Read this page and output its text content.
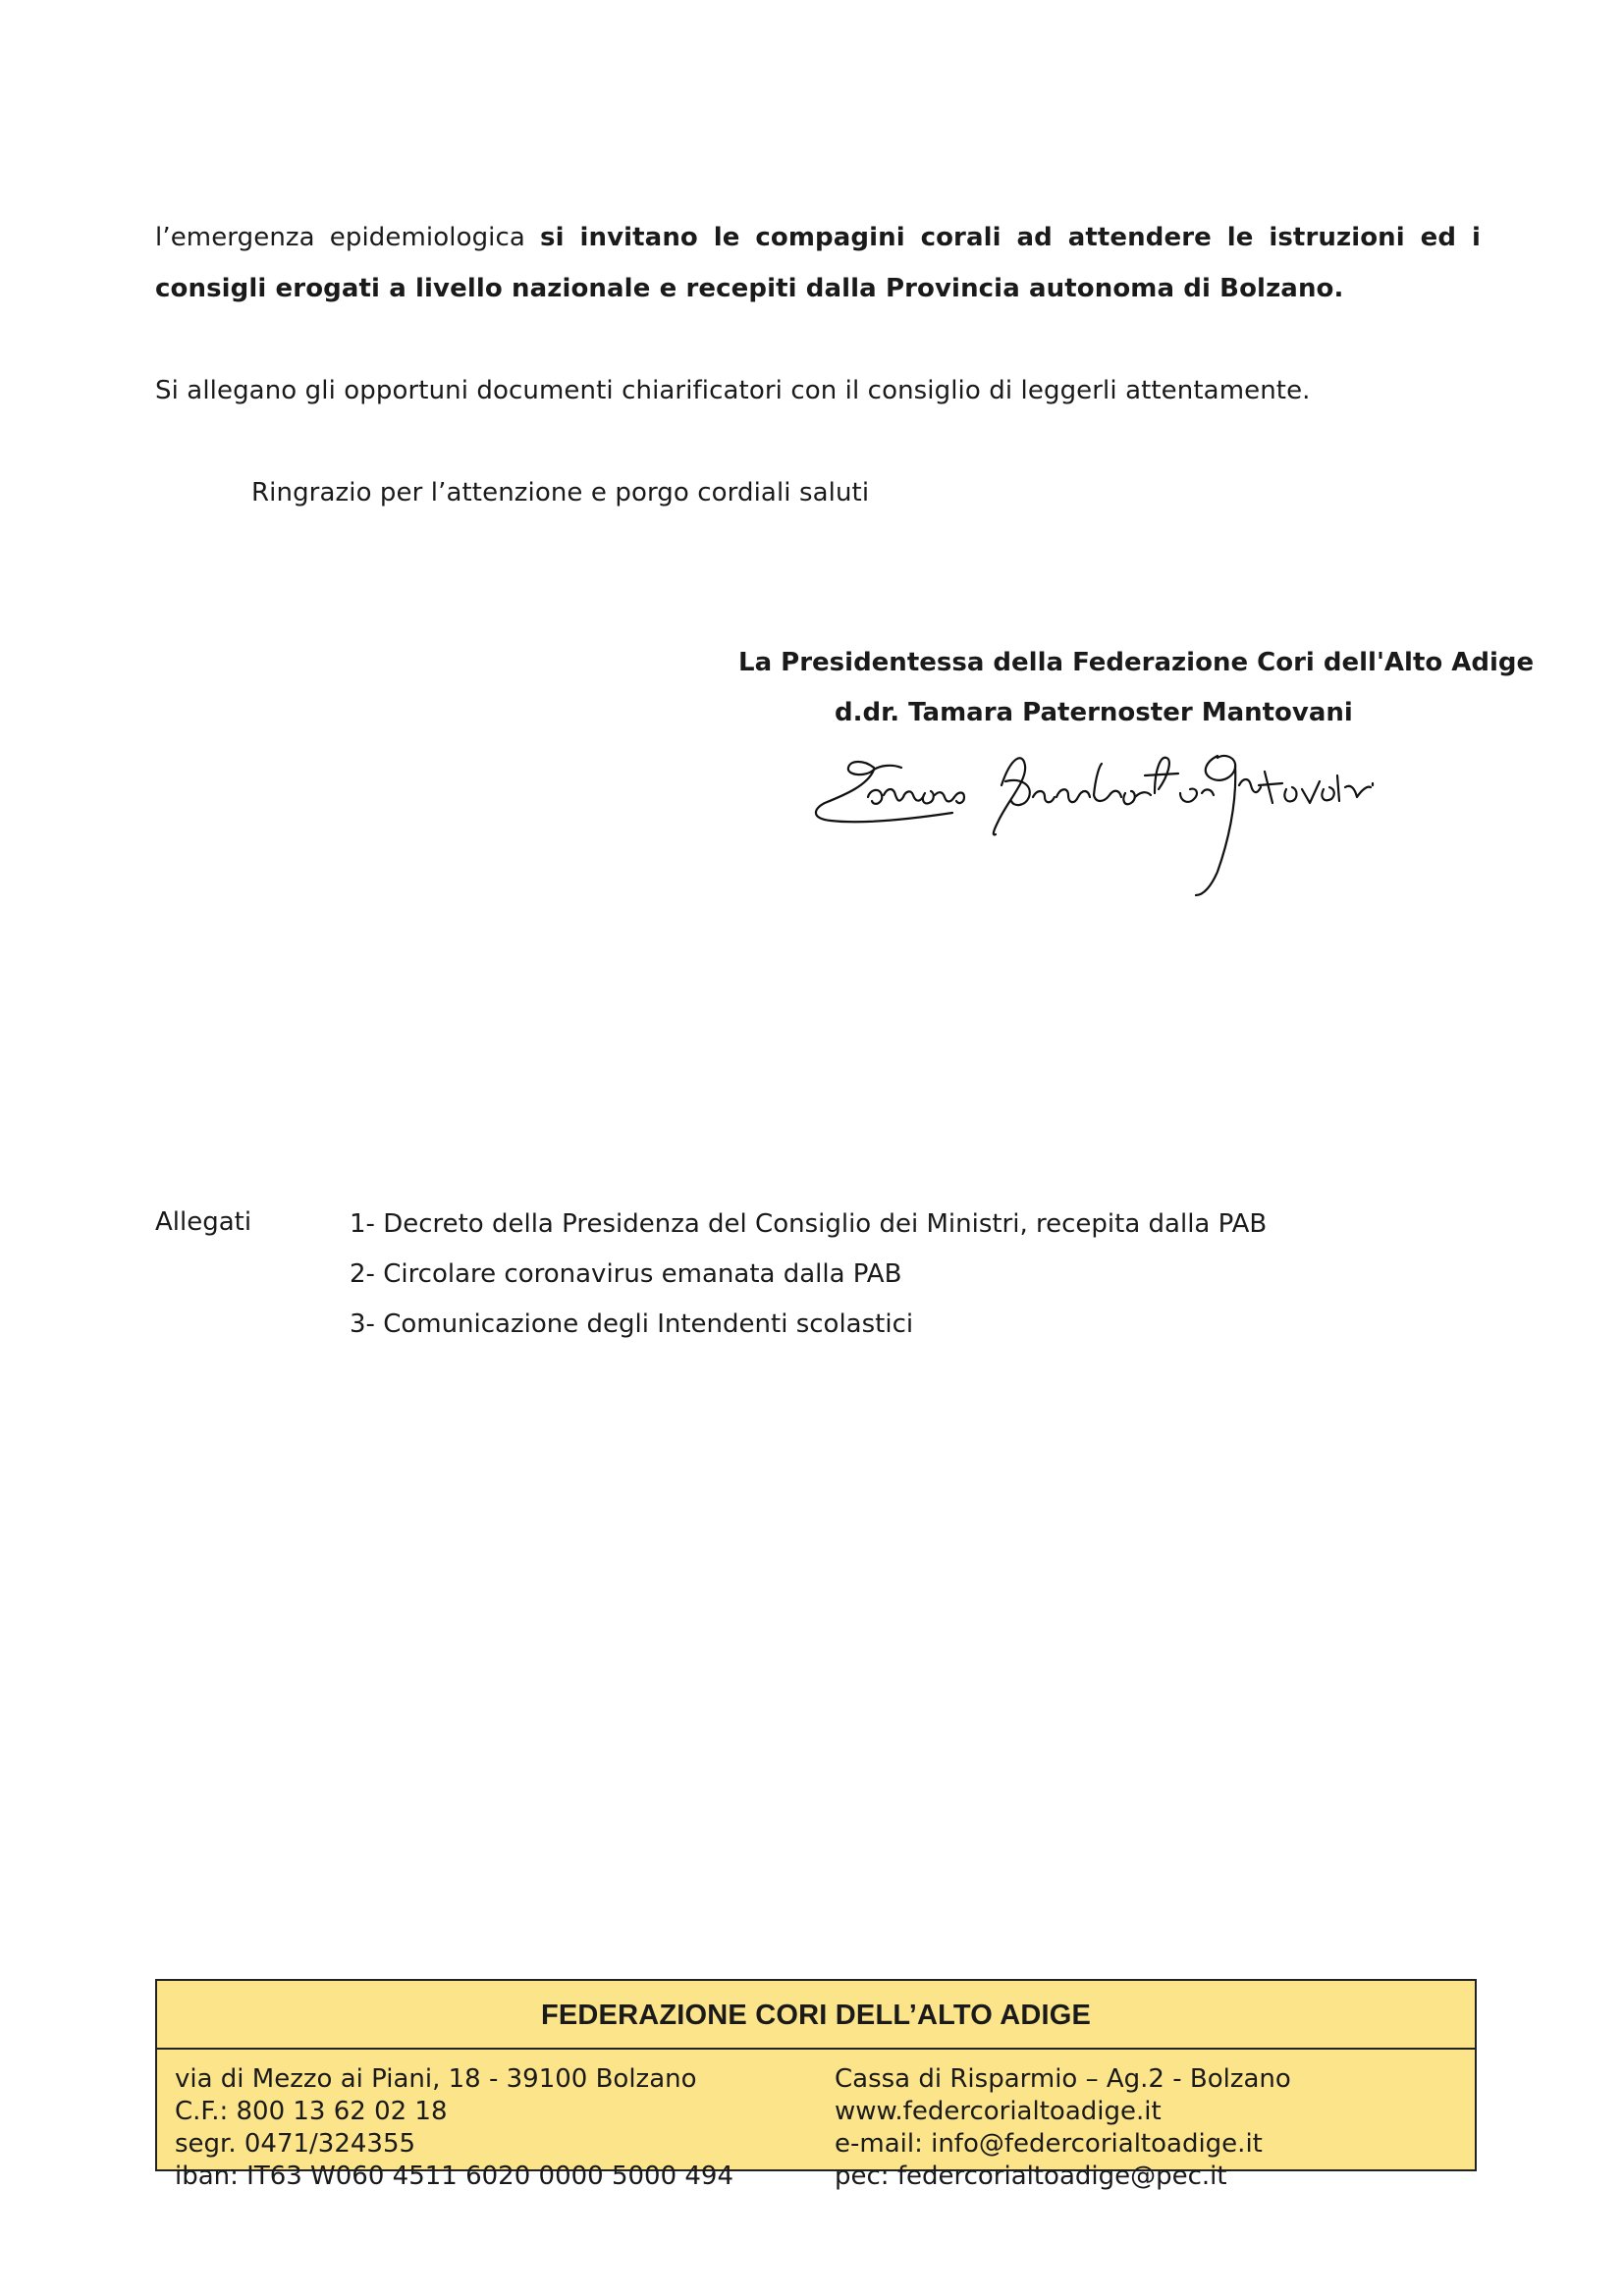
l’emergenza epidemiologica si invitano le compagini corali ad attendere le istruzioni ed i consigli erogati a livello nazionale e recepiti dalla Provincia autonoma di Bolzano.

Si allegano gli opportuni documenti chiarificatori con il consiglio di leggerli attentamente.

Ringrazio per l’attenzione e porgo cordiali saluti

La Presidentessa della Federazione Cori dell'Alto Adige
d.dr. Tamara Paternoster Mantovani
Allegati	1- Decreto della Presidenza del Consiglio dei Ministri, recepita dalla PAB
2- Circolare coronavirus emanata dalla PAB
3- Comunicazione degli Intendenti scolastici
FEDERAZIONE CORI DELL’ALTO ADIGE
via di Mezzo ai Piani, 18 - 39100 Bolzano
C.F.: 800 13 62 02 18
segr. 0471/324355
iban: IT63 W060 4511 6020 0000 5000 494
Cassa di Risparmio – Ag.2 - Bolzano
www.federcorialtoadige.it
e-mail: info@federcorialtoadige.it
pec: federcorialtoadige@pec.it
